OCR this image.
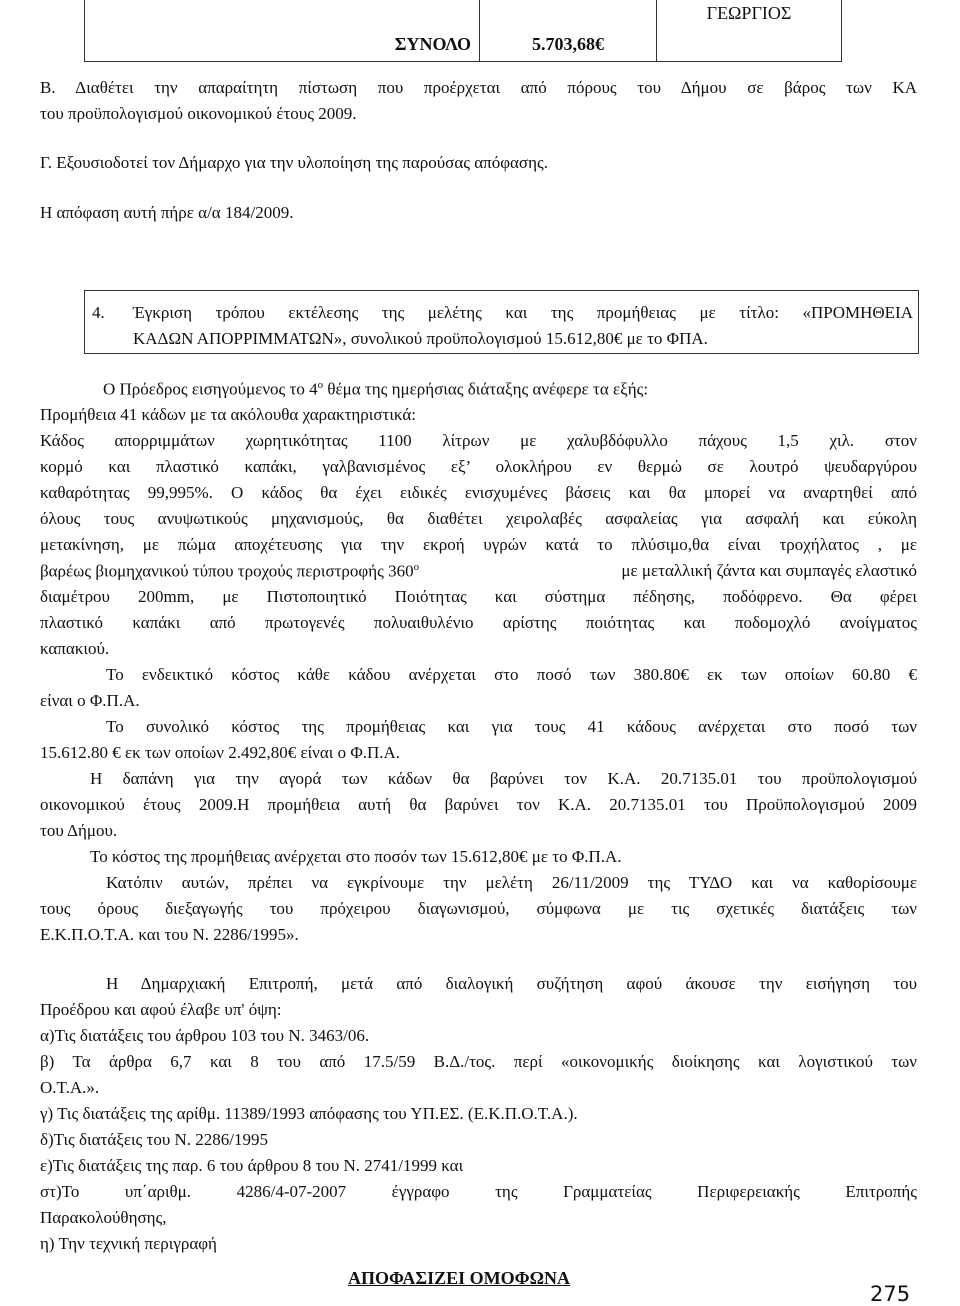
ΣΥΝΟΛΟ	5.703,68€	ΓΕΩΡΓΙΟΣ
Β. Διαθέτει την απαραίτητη πίστωση που προέρχεται από πόρους του Δήμου σε βάρος των ΚΑ
του προϋπολογισμού οικονομικού έτους 2009.
Γ. Εξουσιοδοτεί τον Δήμαρχο για την υλοποίηση της παρούσας απόφασης.
Η απόφαση αυτή πήρε α/α 184/2009.
4. Έγκριση τρόπου εκτέλεσης της μελέτης και της προμήθειας με τίτλο: «ΠΡΟΜΗΘΕΙΑ
ΚΑΔΩΝ ΑΠΟΡΡΙΜΜΑΤΩΝ», συνολικού προϋπολογισμού 15.612,80€ με το ΦΠΑ.
Ο Πρόεδρος εισηγούμενος το $4^o$ θέμα της ημερήσιας διάταξης ανέφερε τα εξής:
Προμήθεια 41 κάδων με τα ακόλουθα χαρακτηριστικά:
Κάδος απορριμμάτων χωρητικότητας 1100 λίτρων με χαλυβδόφυλλο πάχους 1,5 χιλ. στον
κορμό και πλαστικό καπάκι, γαλβανισμένος εξ’ ολοκλήρου εν θερμώ σε λουτρό ψευδαργύρου
καθαρότητας 99,995%. Ο κάδος θα έχει ειδικές ενισχυμένες βάσεις και θα μπορεί να αναρτηθεί από
όλους τους ανυψωτικούς μηχανισμούς, θα διαθέτει χειρολαβές ασφαλείας για ασφαλή και εύκολη
μετακίνηση, με πώμα αποχέτευσης για την εκροή υγρών κατά το πλύσιμο,θα είναι τροχήλατος , με
βαρέως βιομηχανικού τύπου τροχούς περιστροφής $360^o$	με μεταλλική ζάντα και συμπαγές ελαστικό
διαμέτρου 200mm, με Πιστοποιητικό Ποιότητας και σύστημα πέδησης, ποδόφρενο. Θα φέρει
πλαστικό καπάκι από πρωτογενές πολυαιθυλένιο αρίστης ποιότητας και ποδομοχλό ανοίγματος
καπακιού.
Το ενδεικτικό κόστος κάθε κάδου ανέρχεται στο ποσό των 380.80€ εκ των οποίων 60.80 €
είναι ο Φ.Π.Α.
Το συνολικό κόστος της προμήθειας και για τους 41 κάδους ανέρχεται στο ποσό των
15.612.80 € εκ των οποίων 2.492,80€ είναι ο Φ.Π.Α.
Η δαπάνη για την αγορά των κάδων θα βαρύνει τον Κ.Α. 20.7135.01 του προϋπολογισμού
οικονομικού έτους 2009.Η προμήθεια αυτή θα βαρύνει τον Κ.Α. 20.7135.01 του Προϋπολογισμού 2009
του Δήμου.
Το κόστος της προμήθειας ανέρχεται στο ποσόν των 15.612,80€ με το Φ.Π.Α.
Κατόπιν αυτών, πρέπει να εγκρίνουμε την μελέτη 26/11/2009 της ΤΥΔΟ και να καθορίσουμε
τους όρους διεξαγωγής του πρόχειρου διαγωνισμού, σύμφωνα με τις σχετικές διατάξεις των
Ε.Κ.Π.Ο.Τ.Α. και του Ν. 2286/1995».
Η Δημαρχιακή Επιτροπή, μετά από διαλογική συζήτηση αφού άκουσε την εισήγηση του
Προέδρου και αφού έλαβε υπ' όψη:
α)Τις διατάξεις του άρθρου 103 του Ν. 3463/06.
β) Τα άρθρα 6,7 και 8 του από 17.5/59 Β.Δ./τος. περί «οικονομικής διοίκησης και λογιστικού των
Ο.Τ.Α.».
γ) Τις διατάξεις της αρίθμ. 11389/1993 απόφασης του ΥΠ.ΕΣ. (Ε.Κ.Π.Ο.Τ.Α.).
δ)Τις διατάξεις του Ν. 2286/1995
ε)Τις διατάξεις της παρ. 6 του άρθρου 8 του Ν. 2741/1999 και
στ)Το υπ΄αριθμ. 4286/4-07-2007 έγγραφο της Γραμματείας Περιφερειακής Επιτροπής
Παρακολούθησης,
η) Την τεχνική περιγραφή
ΑΠΟΦΑΣΙΖΕΙ ΟΜΟΦΩΝΑ
275
